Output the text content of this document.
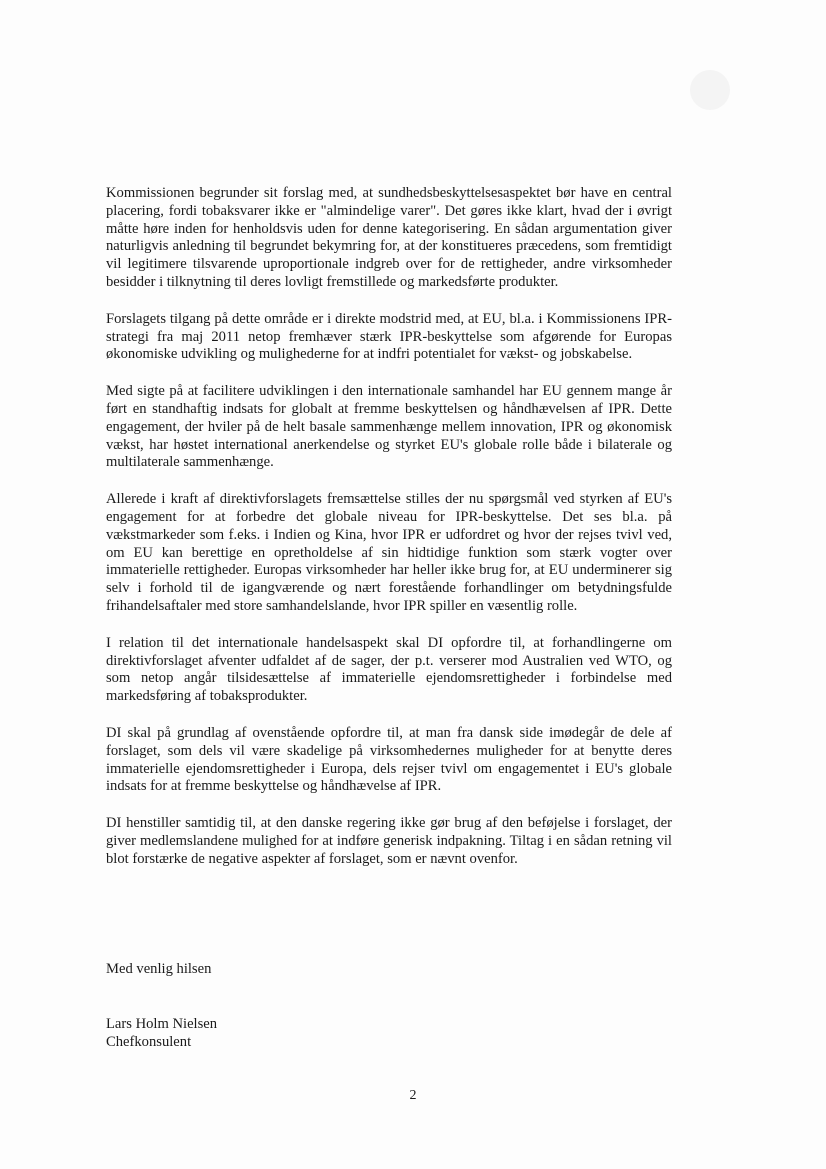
Kommissionen begrunder sit forslag med, at sundhedsbeskyttelsesaspektet bør have en central placering, fordi tobaksvarer ikke er "almindelige varer". Det gøres ikke klart, hvad der i øvrigt måtte høre inden for henholdsvis uden for denne kategorisering. En sådan argumentation giver naturligvis anledning til begrundet bekymring for, at der konstitueres præcedens, som fremtidigt vil legitimere tilsvarende uproportionale indgreb over for de rettigheder, andre virksomheder besidder i tilknytning til deres lovligt fremstillede og markedsførte produkter.

Forslagets tilgang på dette område er i direkte modstrid med, at EU, bl.a. i Kommissionens IPR-strategi fra maj 2011 netop fremhæver stærk IPR-beskyttelse som afgørende for Europas økonomiske udvikling og mulighederne for at indfri potentialet for vækst- og jobskabelse.

Med sigte på at facilitere udviklingen i den internationale samhandel har EU gennem mange år ført en standhaftig indsats for globalt at fremme beskyttelsen og håndhævelsen af IPR. Dette engagement, der hviler på de helt basale sammenhænge mellem innovation, IPR og økonomisk vækst, har høstet international anerkendelse og styrket EU's globale rolle både i bilaterale og multilaterale sammenhænge.

Allerede i kraft af direktivforslagets fremsættelse stilles der nu spørgsmål ved styrken af EU's engagement for at forbedre det globale niveau for IPR-beskyttelse. Det ses bl.a. på vækstmarkeder som f.eks. i Indien og Kina, hvor IPR er udfordret og hvor der rejses tvivl ved, om EU kan berettige en opretholdelse af sin hidtidige funktion som stærk vogter over immaterielle rettigheder. Europas virksomheder har heller ikke brug for, at EU underminerer sig selv i forhold til de igangværende og nært forestående forhandlinger om betydningsfulde frihandelsaftaler med store samhandelslande, hvor IPR spiller en væsentlig rolle.

I relation til det internationale handelsaspekt skal DI opfordre til, at forhandlingerne om direktivforslaget afventer udfaldet af de sager, der p.t. verserer mod Australien ved WTO, og som netop angår tilsidesættelse af immaterielle ejendomsrettigheder i forbindelse med markedsføring af tobaksprodukter.

DI skal på grundlag af ovenstående opfordre til, at man fra dansk side imødegår de dele af forslaget, som dels vil være skadelige på virksomhedernes muligheder for at benytte deres immaterielle ejendomsrettigheder i Europa, dels rejser tvivl om engagementet i EU's globale indsats for at fremme beskyttelse og håndhævelse af IPR.

DI henstiller samtidig til, at den danske regering ikke gør brug af den beføjelse i forslaget, der giver medlemslandene mulighed for at indføre generisk indpakning. Tiltag i en sådan retning vil blot forstærke de negative aspekter af forslaget, som er nævnt ovenfor.

Med venlig hilsen

Lars Holm Nielsen

Chefkonsulent

2
